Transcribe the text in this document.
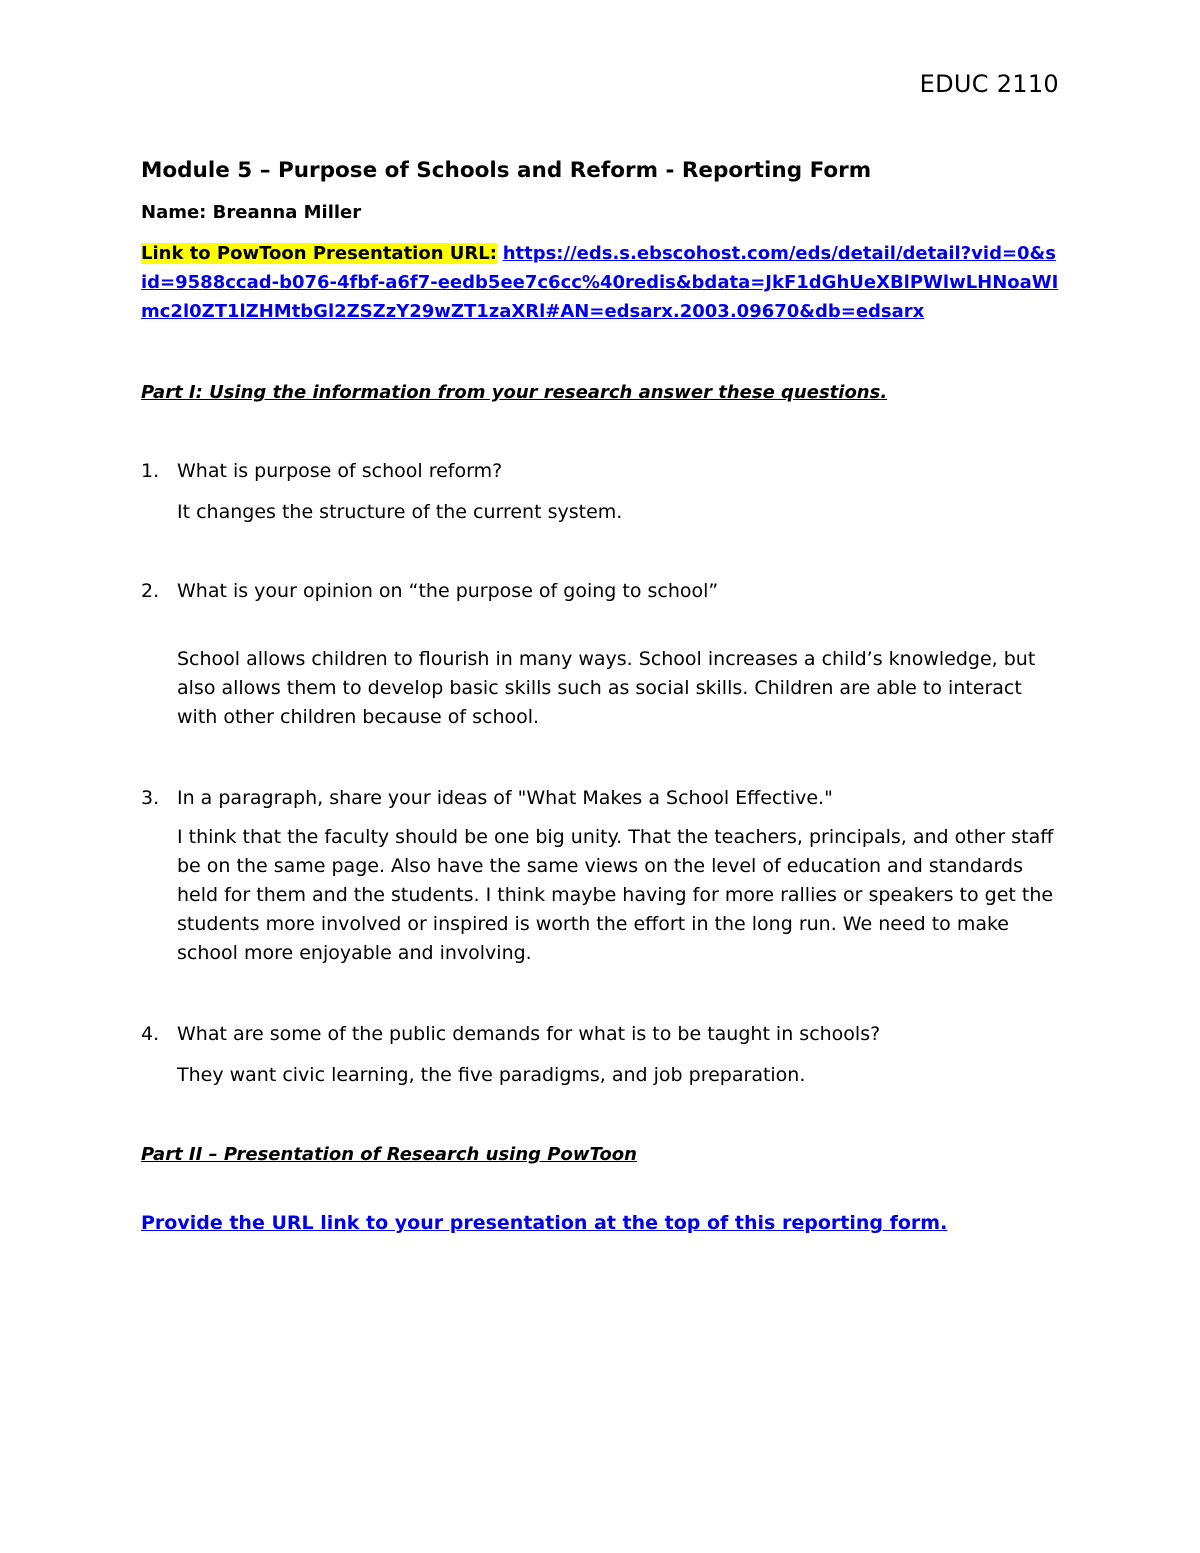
EDUC 2110
Module 5 – Purpose of Schools and Reform - Reporting Form
Name: Breanna Miller
Link to PowToon Presentation URL: https://eds.s.ebscohost.com/eds/detail/detail?vid=0&sid=9588ccad-b076-4fbf-a6f7-eedb5ee7c6cc%40redis&bdata=JkF1dGhUeXBlPWlwLHNoaWImc2l0ZT1lZHMtbGl2ZSZzY29wZT1zaXRl#AN=edsarx.2003.09670&db=edsarx
Part I: Using the information from your research answer these questions.
1. What is purpose of school reform?
It changes the structure of the current system.
2. What is your opinion on “the purpose of going to school”
School allows children to flourish in many ways. School increases a child’s knowledge, but also allows them to develop basic skills such as social skills. Children are able to interact with other children because of school.
3. In a paragraph, share your ideas of "What Makes a School Effective."
I think that the faculty should be one big unity. That the teachers, principals, and other staff be on the same page. Also have the same views on the level of education and standards held for them and the students. I think maybe having for more rallies or speakers to get the students more involved or inspired is worth the effort in the long run. We need to make school more enjoyable and involving.
4. What are some of the public demands for what is to be taught in schools?
They want civic learning, the five paradigms, and job preparation.
Part II – Presentation of Research using PowToon
Provide the URL link to your presentation at the top of this reporting form.
